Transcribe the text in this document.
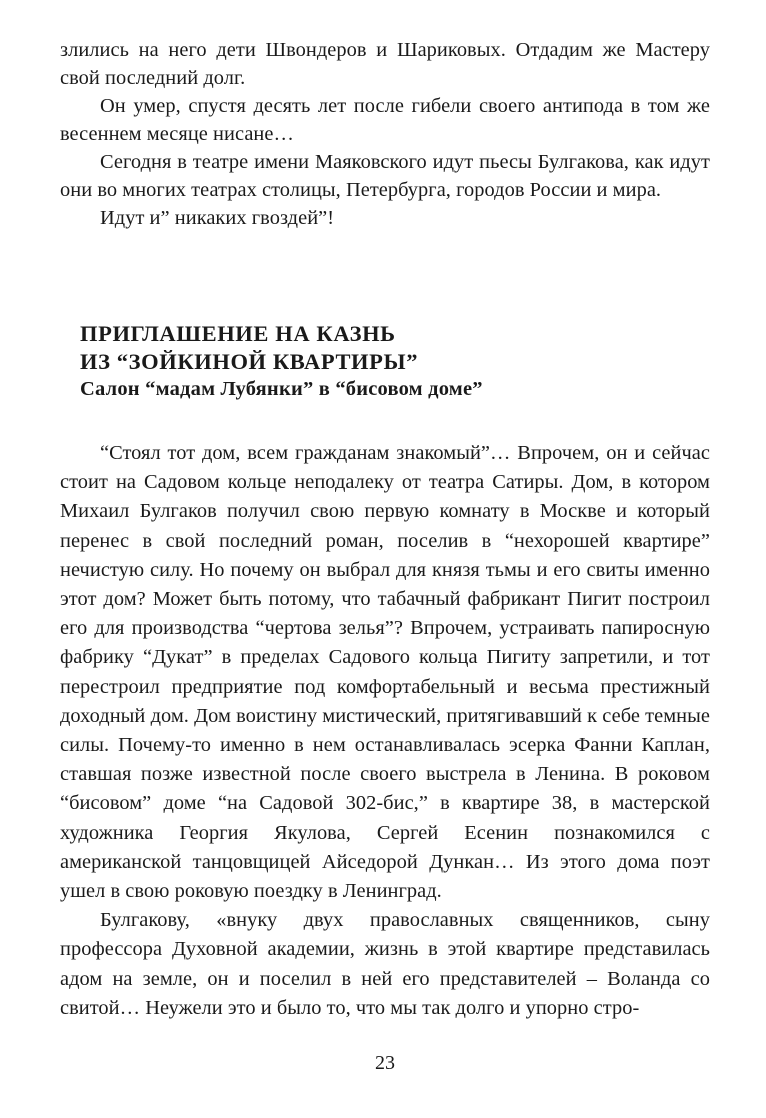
злились на него дети Швондеров и Шариковых. Отдадим же Мастеру свой последний долг.

Он умер, спустя десять лет после гибели своего антипода в том же весеннем месяце нисане…

Сегодня в театре имени Маяковского идут пьесы Булгакова, как идут они во многих театрах столицы, Петербурга, городов России и мира.

Идут и” никаких гвоздей”!

ПРИГЛАШЕНИЕ НА КАЗНЬ

ИЗ “ЗОЙКИНОЙ КВАРТИРЫ”

Салон “мадам Лубянки” в “бисовом доме”

“Стоял тот дом, всем гражданам знакомый”… Впрочем, он и сейчас стоит на Садовом кольце неподалеку от театра Сатиры. Дом, в котором Михаил Булгаков получил свою первую комнату в Москве и который перенес в свой последний роман, поселив в “нехорошей квартире” нечистую силу. Но почему он выбрал для князя тьмы и его свиты именно этот дом? Может быть потому, что табачный фабрикант Пигит построил его для производства “чертова зелья”? Впрочем, устраивать папиросную фабрику “Дукат” в пределах Садового кольца Пигиту запретили, и тот перестроил предприятие под комфортабельный и весьма престижный доходный дом. Дом воистину мистический, притягивавший к себе темные силы. Почему-то именно в нем останавливалась эсерка Фанни Каплан, ставшая позже известной после своего выстрела в Ленина. В роковом “бисовом” доме “на Садовой 302-бис,” в квартире 38, в мастерской художника Георгия Якулова, Сергей Есенин познакомился с американской танцовщицей Айседорой Дункан… Из этого дома поэт ушел в свою роковую поездку в Ленинград.

Булгакову, «внуку двух православных священников, сыну профессора Духовной академии, жизнь в этой квартире представилась адом на земле, он и поселил в ней его представителей – Воланда со свитой… Неужели это и было то, что мы так долго и упорно стро-

23
